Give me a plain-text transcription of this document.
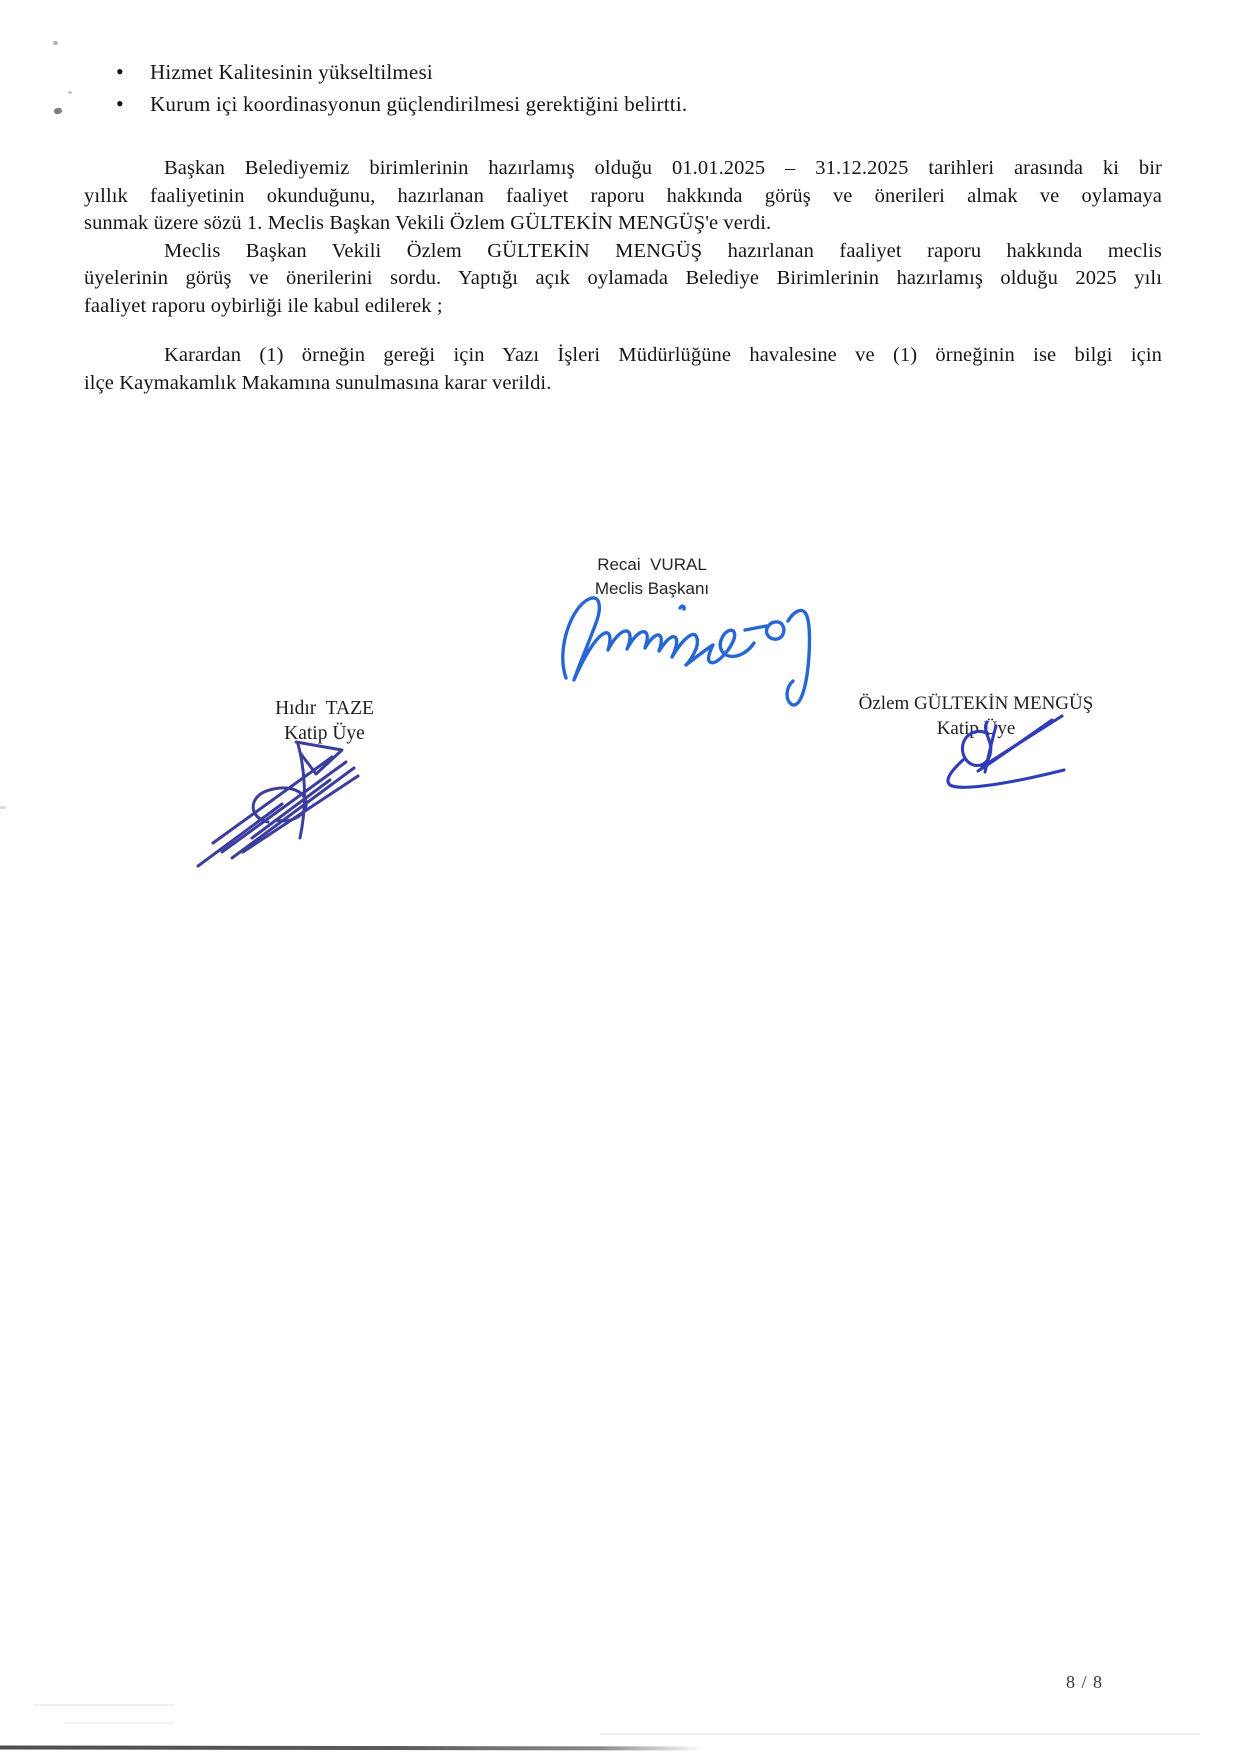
•	Hizmet Kalitesinin yükseltilmesi
•	Kurum içi koordinasyonun güçlendirilmesi gerektiğini belirtti.
Başkan Belediyemiz birimlerinin hazırlamış olduğu 01.01.2025 – 31.12.2025 tarihleri arasında ki bir
yıllık faaliyetinin okunduğunu, hazırlanan faaliyet raporu hakkında görüş ve önerileri almak ve oylamaya
sunmak üzere sözü 1. Meclis Başkan Vekili Özlem GÜLTEKİN MENGÜŞ'e verdi.
Meclis Başkan Vekili Özlem GÜLTEKİN MENGÜŞ hazırlanan faaliyet raporu hakkında meclis
üyelerinin görüş ve önerilerini sordu. Yaptığı açık oylamada Belediye Birimlerinin hazırlamış olduğu 2025 yılı
faaliyet raporu oybirliği ile kabul edilerek ;
Karardan (1) örneğin gereği için Yazı İşleri Müdürlüğüne havalesine ve (1) örneğinin ise bilgi için
ilçe Kaymakamlık Makamına sunulmasına karar verildi.
Recai  VURAL
Meclis Başkanı
Hıdır  TAZE
Katip Üye
Özlem GÜLTEKİN MENGÜŞ
Katip Üye
8 / 8
